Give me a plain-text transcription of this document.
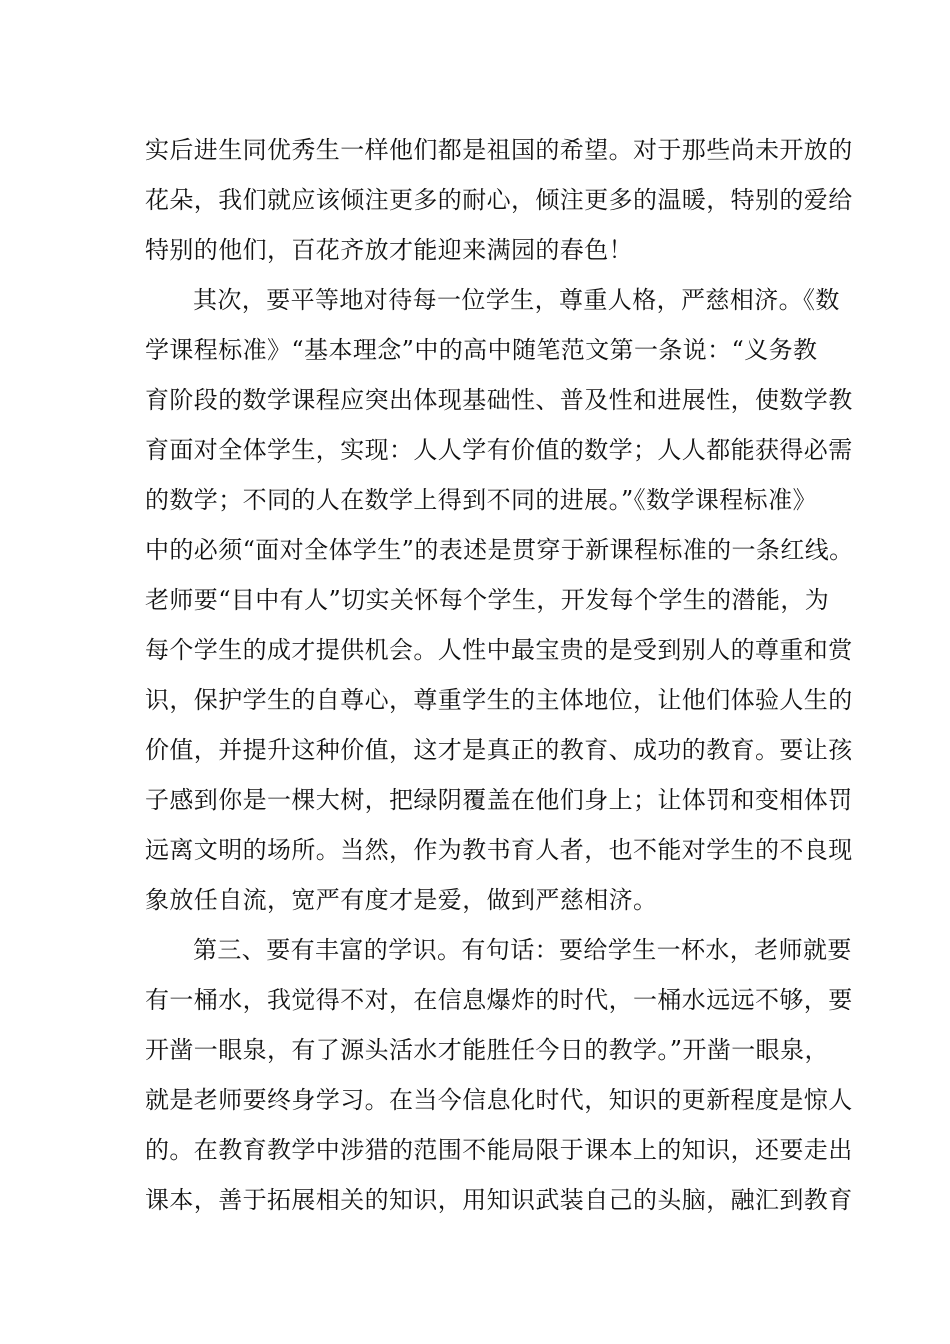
实后进生同优秀生一样他们都是祖国的希望。对于那些尚未开放的
花朵，我们就应该倾注更多的耐心，倾注更多的温暖，特别的爱给
特别的他们，百花齐放才能迎来满园的春色！
其次，要平等地对待每一位学生，尊重人格，严慈相济。《数
学课程标准》“基本理念”中的高中随笔范文第一条说：“义务教
育阶段的数学课程应突出体现基础性、普及性和进展性，使数学教
育面对全体学生，实现：人人学有价值的数学；人人都能获得必需
的数学；不同的人在数学上得到不同的进展。”《数学课程标准》
中的必须“面对全体学生”的表述是贯穿于新课程标准的一条红线。
老师要“目中有人”切实关怀每个学生，开发每个学生的潜能，为
每个学生的成才提供机会。人性中最宝贵的是受到别人的尊重和赏
识，保护学生的自尊心，尊重学生的主体地位，让他们体验人生的
价值，并提升这种价值，这才是真正的教育、成功的教育。要让孩
子感到你是一棵大树，把绿阴覆盖在他们身上；让体罚和变相体罚
远离文明的场所。当然，作为教书育人者，也不能对学生的不良现
象放任自流，宽严有度才是爱，做到严慈相济。
第三、要有丰富的学识。有句话：要给学生一杯水，老师就要
有一桶水，我觉得不对，在信息爆炸的时代，一桶水远远不够，要
开凿一眼泉，有了源头活水才能胜任今日的教学。”开凿一眼泉，
就是老师要终身学习。在当今信息化时代，知识的更新程度是惊人
的。在教育教学中涉猎的范围不能局限于课本上的知识，还要走出
课本，善于拓展相关的知识，用知识武装自己的头脑，融汇到教育
